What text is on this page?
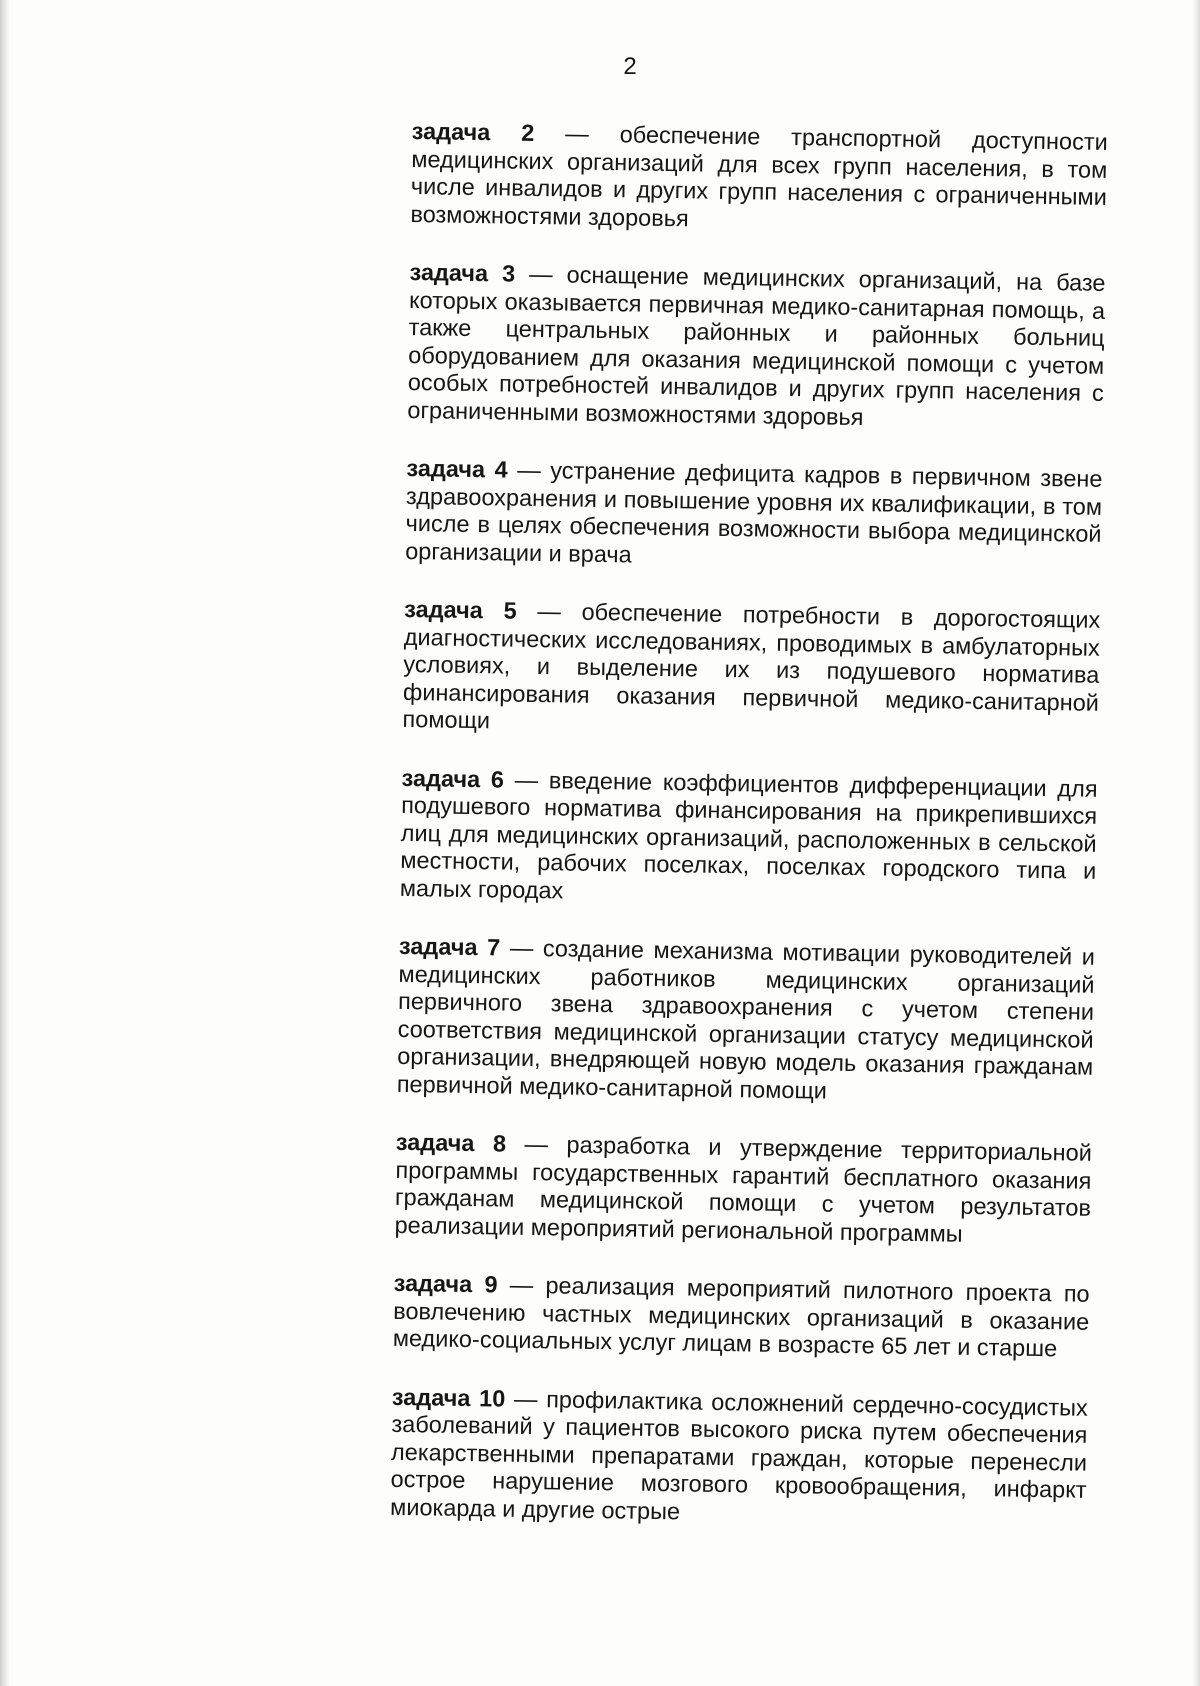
2

задача 2 — обеспечение транспортной доступности медицинских организаций для всех групп населения, в том числе инвалидов и других групп населения с ограниченными возможностями здоровья

задача 3 — оснащение медицинских организаций, на базе которых оказывается первичная медико-санитарная помощь, а также центральных районных и районных больниц оборудованием для оказания медицинской помощи с учетом особых потребностей инвалидов и других групп населения с ограниченными возможностями здоровья

задача 4 — устранение дефицита кадров в первичном звене здравоохранения и повышение уровня их квалификации, в том числе в целях обеспечения возможности выбора медицинской организации и врача

задача 5 — обеспечение потребности в дорогостоящих диагностических исследованиях, проводимых в амбулаторных условиях, и выделение их из подушевого норматива финансирования оказания первичной медико-санитарной помощи

задача 6 — введение коэффициентов дифференциации для подушевого норматива финансирования на прикрепившихся лиц для медицинских организаций, расположенных в сельской местности, рабочих поселках, поселках городского типа и малых городах

задача 7 — создание механизма мотивации руководителей и медицинских работников медицинских организаций первичного звена здравоохранения с учетом степени соответствия медицинской организации статусу медицинской организации, внедряющей новую модель оказания гражданам первичной медико-санитарной помощи

задача 8 — разработка и утверждение территориальной программы государственных гарантий бесплатного оказания гражданам медицинской помощи с учетом результатов реализации мероприятий региональной программы

задача 9 — реализация мероприятий пилотного проекта по вовлечению частных медицинских организаций в оказание медико-социальных услуг лицам в возрасте 65 лет и старше

задача 10 — профилактика осложнений сердечно-сосудистых заболеваний у пациентов высокого риска путем обеспечения лекарственными препаратами граждан, которые перенесли острое нарушение мозгового кровообращения, инфаркт миокарда и другие острые
